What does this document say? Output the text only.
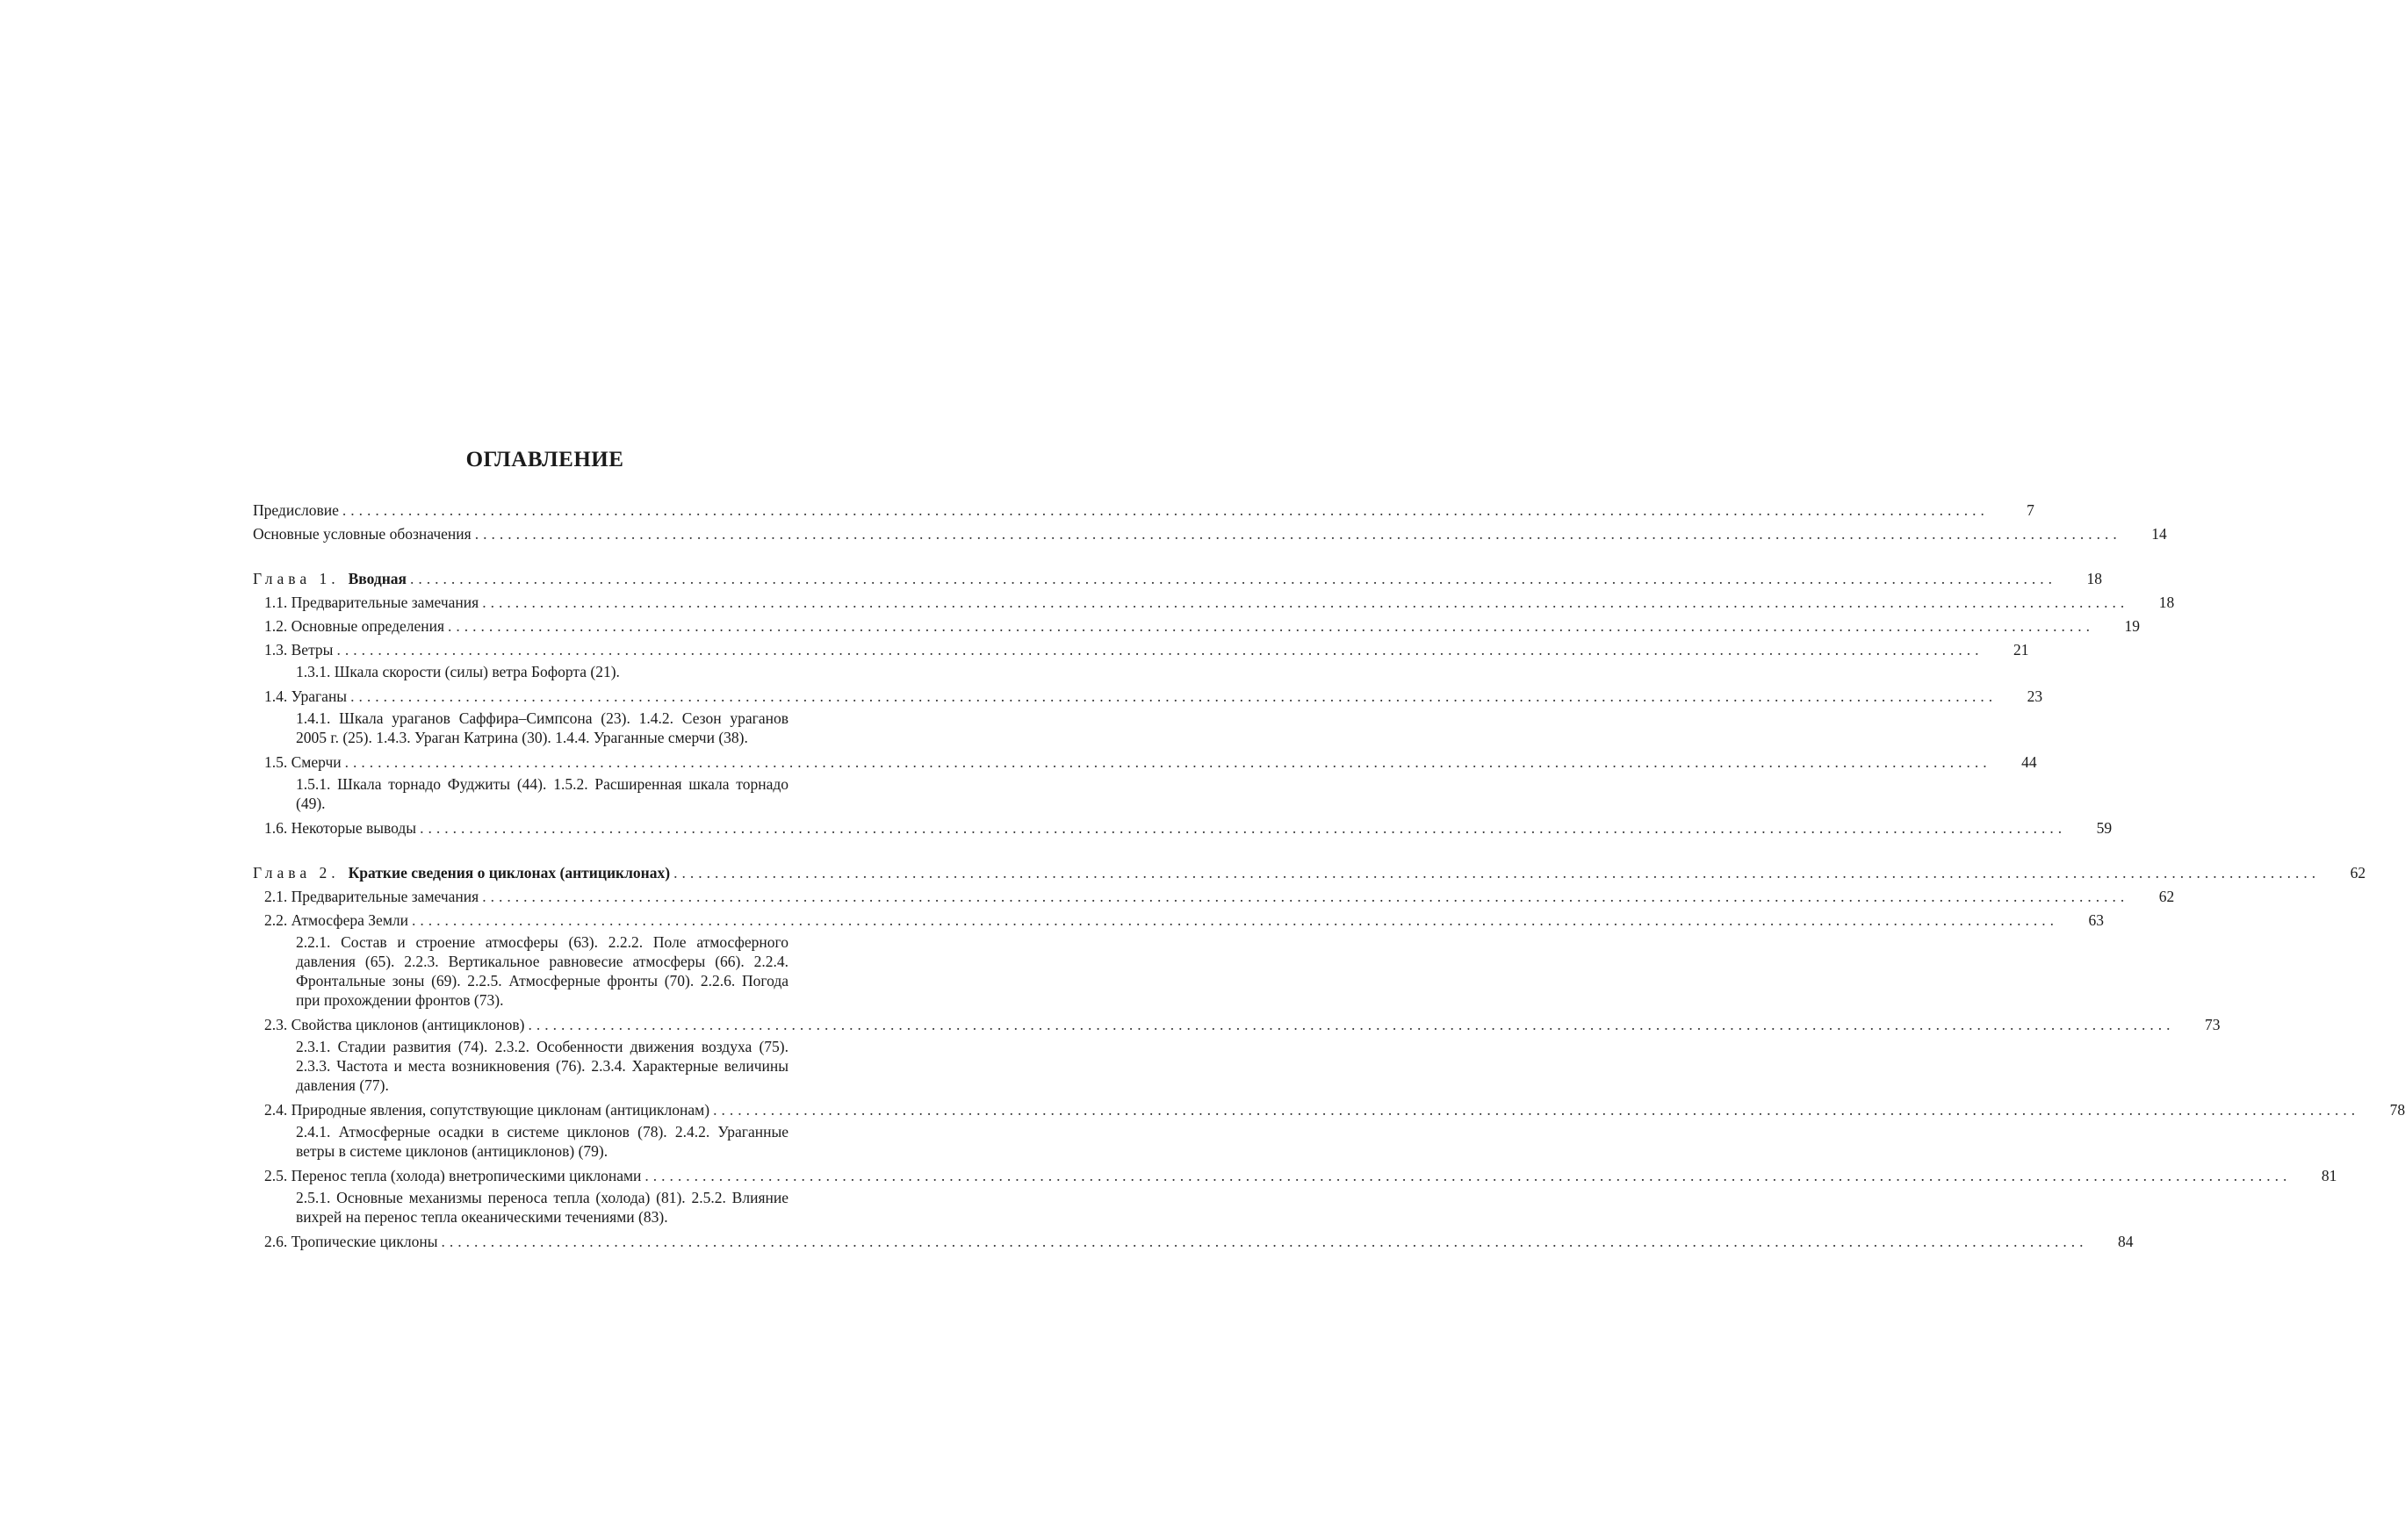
ОГЛАВЛЕНИЕ
Предисловие ........................................................................................................................................................................................................	7
Основные условные обозначения ........................................................................................................................................................................................................	14
Глава 1. Вводная ........................................................................................................................................................................................................	18
1.1. Предварительные замечания ........................................................................................................................................................................................................	18
1.2. Основные определения ........................................................................................................................................................................................................	19
1.3. Ветры ........................................................................................................................................................................................................	21
1.3.1. Шкала скорости (силы) ветра Бофорта (21).
1.4. Ураганы ........................................................................................................................................................................................................	23
1.4.1. Шкала ураганов Саффира–Симпсона (23). 1.4.2. Сезон ураганов 2005 г. (25). 1.4.3. Ураган Катрина (30). 1.4.4. Ураганные смерчи (38).
1.5. Смерчи ........................................................................................................................................................................................................	44
1.5.1. Шкала торнадо Фуджиты (44). 1.5.2. Расширенная шкала торнадо (49).
1.6. Некоторые выводы ........................................................................................................................................................................................................	59
Глава 2. Краткие сведения о циклонах (антициклонах) ........................................................................................................................................................................................................	62
2.1. Предварительные замечания ........................................................................................................................................................................................................	62
2.2. Атмосфера Земли ........................................................................................................................................................................................................	63
2.2.1. Состав и строение атмосферы (63). 2.2.2. Поле атмосферного давления (65). 2.2.3. Вертикальное равновесие атмосферы (66). 2.2.4. Фронтальные зоны (69). 2.2.5. Атмосферные фронты (70). 2.2.6. Погода при прохождении фронтов (73).
2.3. Свойства циклонов (антициклонов) ........................................................................................................................................................................................................	73
2.3.1. Стадии развития (74). 2.3.2. Особенности движения воздуха (75). 2.3.3. Частота и места возникновения (76). 2.3.4. Характерные величины давления (77).
2.4. Природные явления, сопутствующие циклонам (антициклонам) ........................................................................................................................................................................................................	78
2.4.1. Атмосферные осадки в системе циклонов (78). 2.4.2. Ураганные ветры в системе циклонов (антициклонов) (79).
2.5. Перенос тепла (холода) внетропическими циклонами ........................................................................................................................................................................................................	81
2.5.1. Основные механизмы переноса тепла (холода) (81). 2.5.2. Влияние вихрей на перенос тепла океаническими течениями (83).
2.6. Тропические циклоны ........................................................................................................................................................................................................	84
